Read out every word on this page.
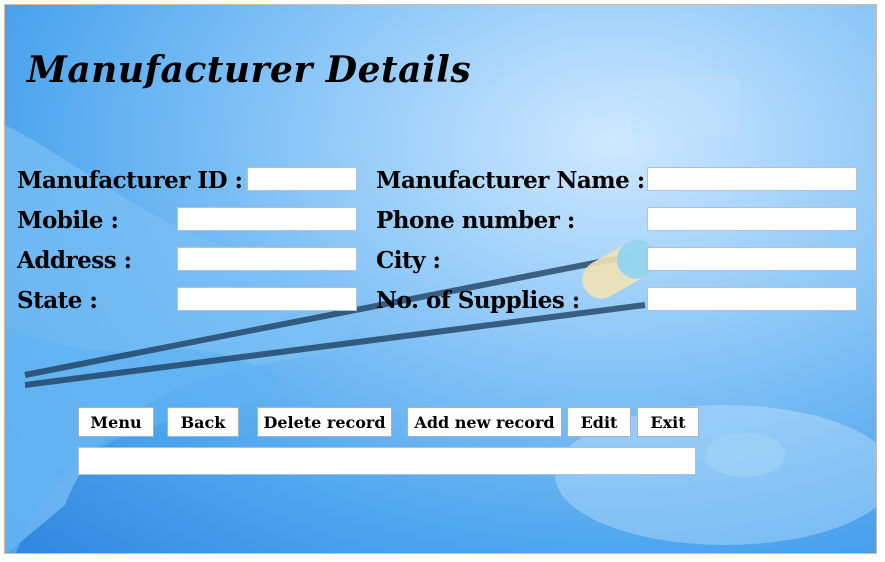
Manufacturer Details
Manufacturer ID :	Manufacturer Name :
Mobile :	Phone number :
Address :	City :
State :	No. of Supplies :
Menu	Back	Delete record	Add new record	Edit	Exit
